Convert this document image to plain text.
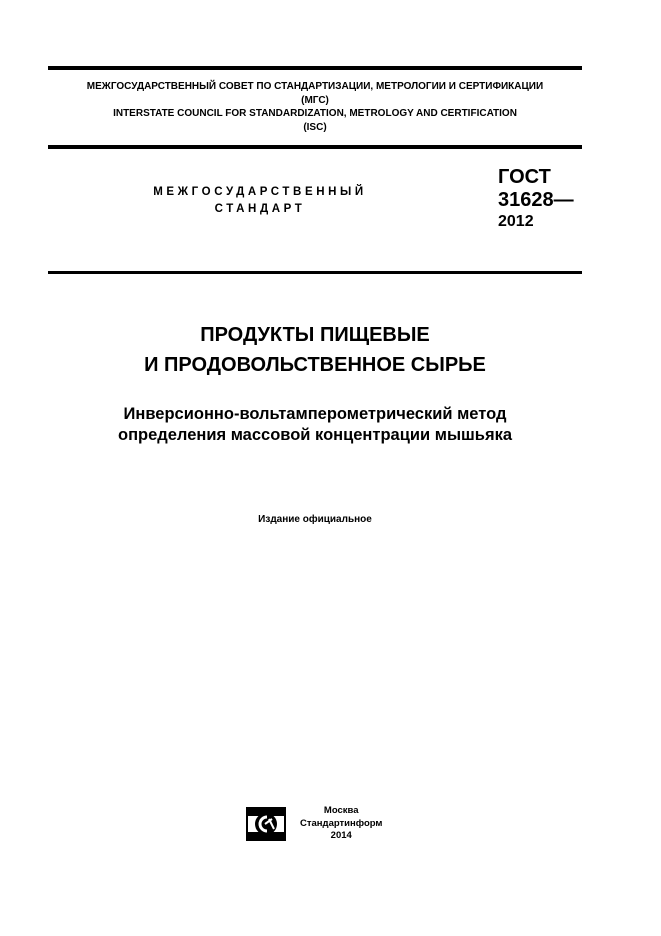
МЕЖГОСУДАРСТВЕННЫЙ СОВЕТ ПО СТАНДАРТИЗАЦИИ, МЕТРОЛОГИИ И СЕРТИФИКАЦИИ
(МГС)
INTERSTATE COUNCIL FOR STANDARDIZATION, METROLOGY AND CERTIFICATION
(ISC)
МЕЖГОСУДАРСТВЕННЫЙ
СТАНДАРТ
ГОСТ
31628—
2012
ПРОДУКТЫ ПИЩЕВЫЕ
И ПРОДОВОЛЬСТВЕННОЕ СЫРЬЕ
Инверсионно-вольтамперометрический метод
определения массовой концентрации мышьяка
Издание официальное
Москва
Стандартинформ
2014
